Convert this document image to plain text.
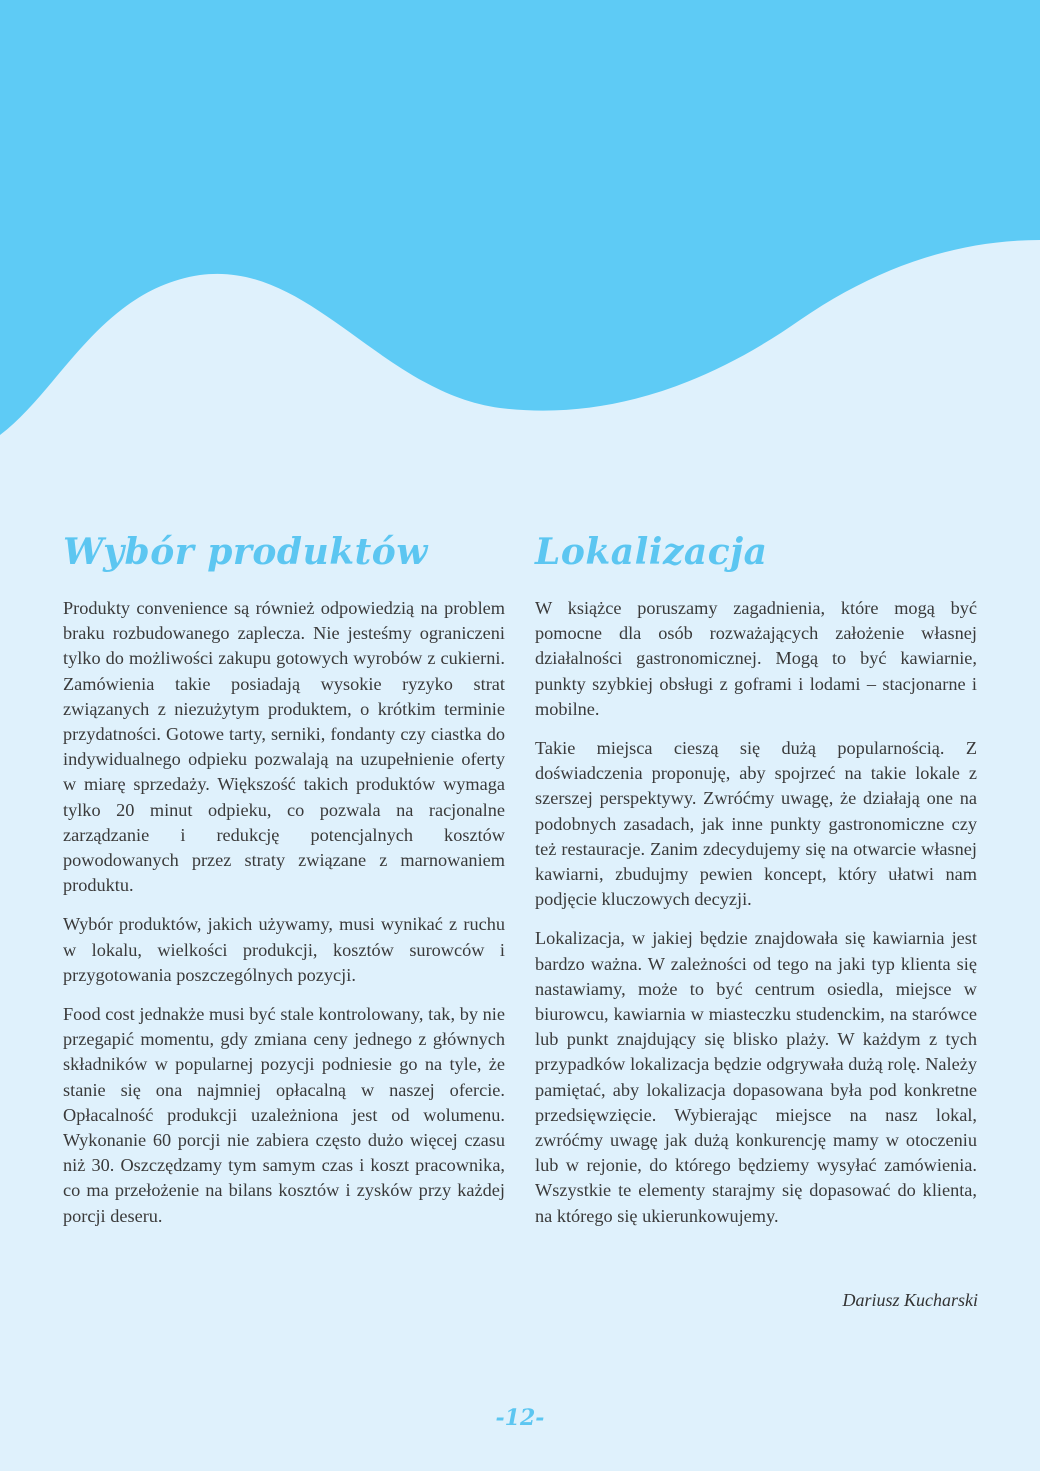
Wybór produktów

Produkty convenience są również odpowiedzią na problem braku rozbudowanego zaplecza. Nie jesteśmy ograniczeni tylko do możliwości zakupu gotowych wyrobów z cukierni. Zamówienia takie posiadają wysokie ryzyko strat związanych z niezużytym produktem, o krótkim terminie przydatności. Gotowe tarty, serniki, fondanty czy ciastka do indywidualnego odpieku pozwalają na uzupełnienie oferty w miarę sprzedaży. Większość takich produktów wymaga tylko 20 minut odpieku, co pozwala na racjonalne zarządzanie i redukcję potencjalnych kosztów powodowanych przez straty związane z marnowaniem produktu.

Wybór produktów, jakich używamy, musi wynikać z ruchu w lokalu, wielkości produkcji, kosztów surowców i przygotowania poszczególnych pozycji.

Food cost jednakże musi być stale kontrolowany, tak, by nie przegapić momentu, gdy zmiana ceny jednego z głównych składników w popularnej pozycji podniesie go na tyle, że stanie się ona najmniej opłacalną w naszej ofercie. Opłacalność produkcji uzależniona jest od wolumenu. Wykonanie 60 porcji nie zabiera często dużo więcej czasu niż 30. Oszczędzamy tym samym czas i koszt pracownika, co ma przełożenie na bilans kosztów i zysków przy każdej porcji deseru.

Lokalizacja

W książce poruszamy zagadnienia, które mogą być pomocne dla osób rozważających założenie własnej działalności gastronomicznej. Mogą to być kawiarnie, punkty szybkiej obsługi z goframi i lodami – stacjonarne i mobilne.

Takie miejsca cieszą się dużą popularnością. Z doświadczenia proponuję, aby spojrzeć na takie lokale z szerszej perspektywy. Zwróćmy uwagę, że działają one na podobnych zasadach, jak inne punkty gastronomiczne czy też restauracje. Zanim zdecydujemy się na otwarcie własnej kawiarni, zbudujmy pewien koncept, który ułatwi nam podjęcie kluczowych decyzji.

Lokalizacja, w jakiej będzie znajdowała się kawiarnia jest bardzo ważna. W zależności od tego na jaki typ klienta się nastawiamy, może to być centrum osiedla, miejsce w biurowcu, kawiarnia w miasteczku studenckim, na starówce lub punkt znajdujący się blisko plaży. W każdym z tych przypadków lokalizacja będzie odgrywała dużą rolę. Należy pamiętać, aby lokalizacja dopasowana była pod konkretne przedsięwzięcie. Wybierając miejsce na nasz lokal, zwróćmy uwagę jak dużą konkurencję mamy w otoczeniu lub w rejonie, do którego będziemy wysyłać zamówienia. Wszystkie te elementy starajmy się dopasować do klienta, na którego się ukierunkowujemy.

Dariusz Kucharski
-12-
